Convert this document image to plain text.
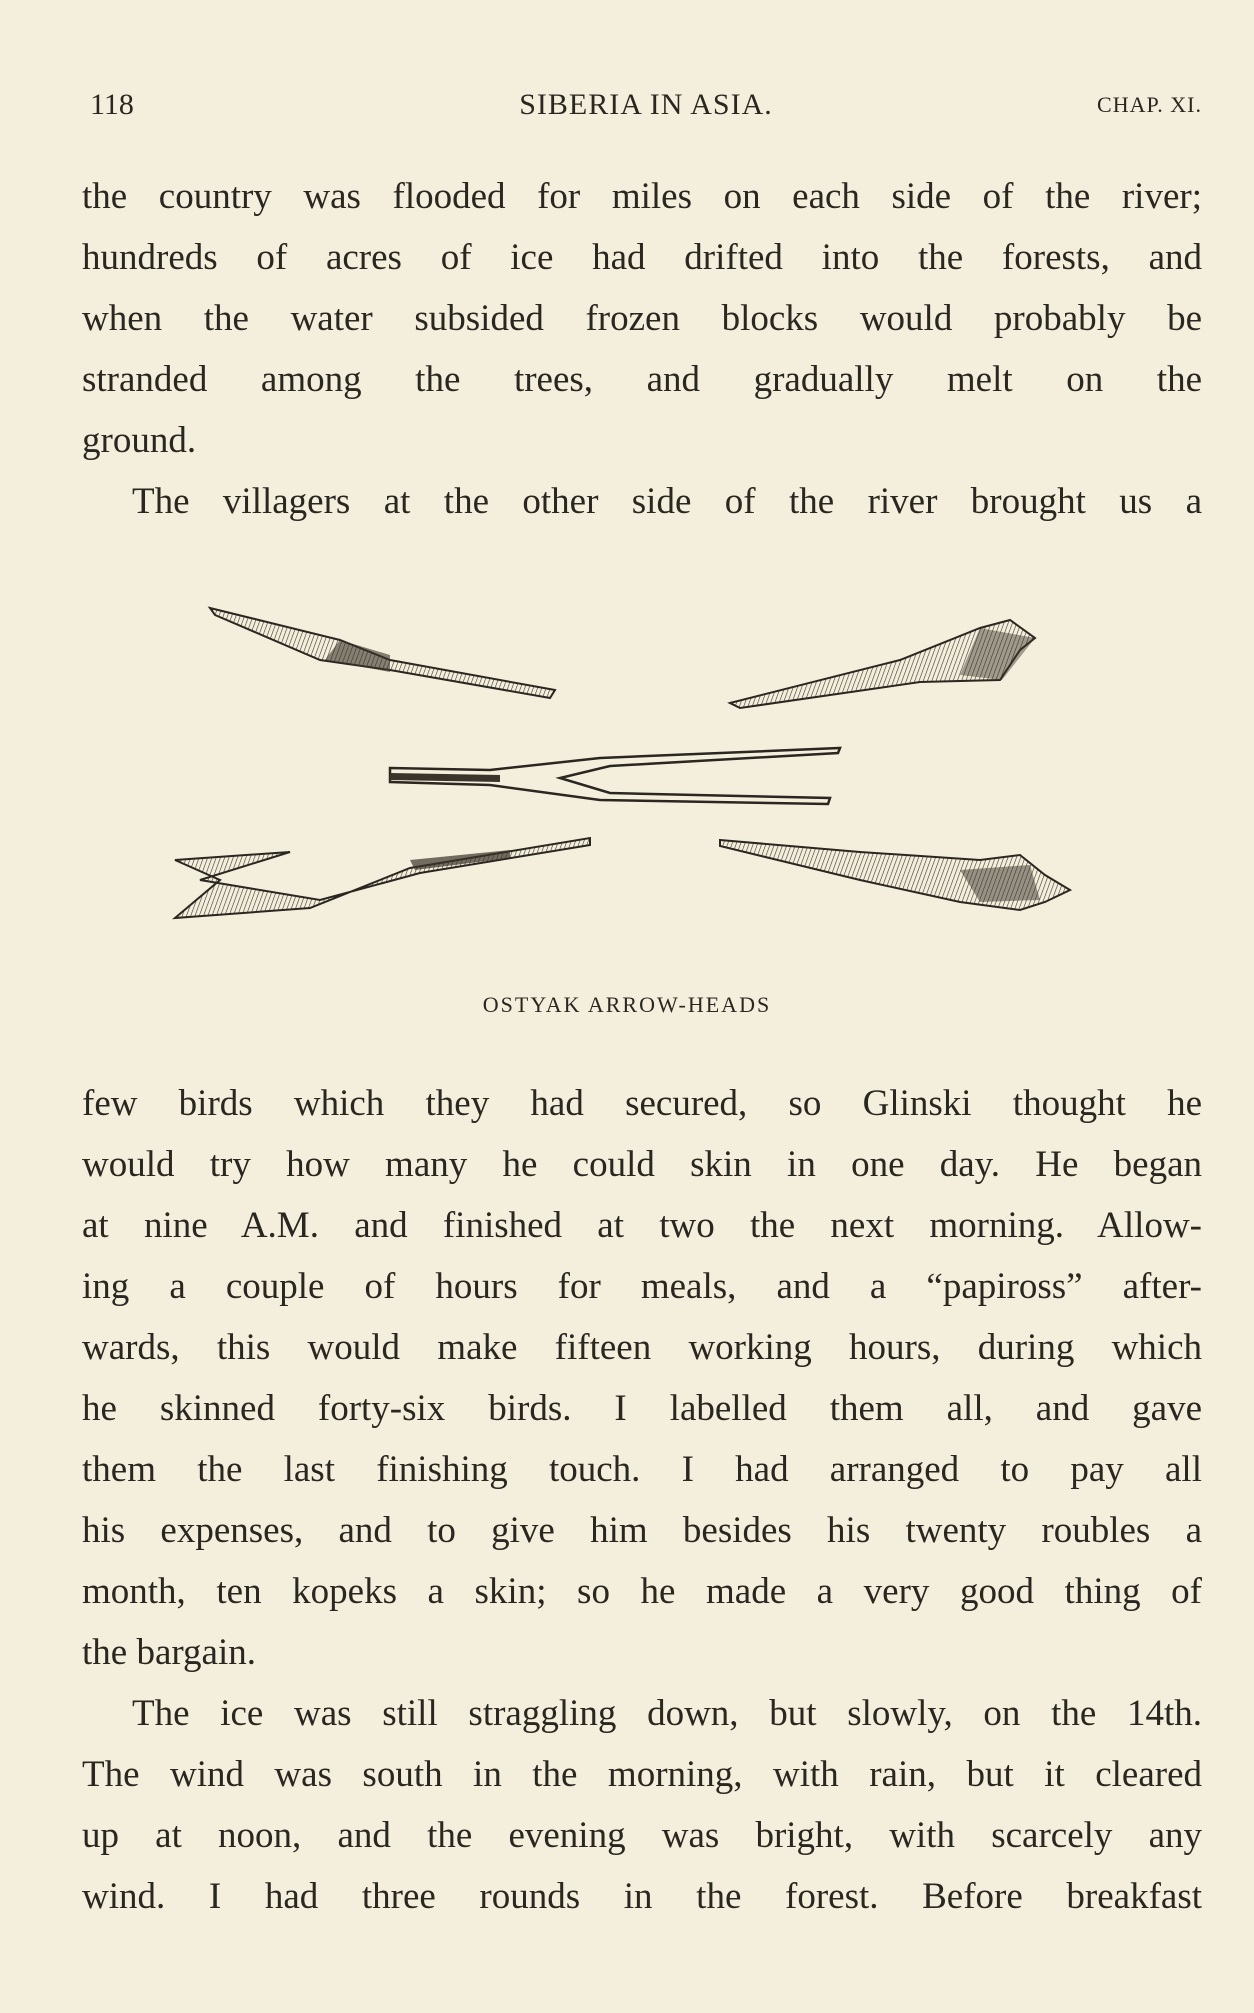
118	SIBERIA IN ASIA.	CHAP. XI.
the country was flooded for miles on each side of the river;
hundreds of acres of ice had drifted into the forests, and
when the water subsided frozen blocks would probably be
stranded among the trees, and gradually melt on the
ground.
The villagers at the other side of the river brought us a
OSTYAK ARROW-HEADS
few birds which they had secured, so Glinski thought he
would try how many he could skin in one day. He began
at nine A.M. and finished at two the next morning. Allow-
ing a couple of hours for meals, and a “papiross” after-
wards, this would make fifteen working hours, during which
he skinned forty-six birds. I labelled them all, and gave
them the last finishing touch. I had arranged to pay all
his expenses, and to give him besides his twenty roubles a
month, ten kopeks a skin; so he made a very good thing of
the bargain.
The ice was still straggling down, but slowly, on the 14th.
The wind was south in the morning, with rain, but it cleared
up at noon, and the evening was bright, with scarcely any
wind. I had three rounds in the forest. Before breakfast
